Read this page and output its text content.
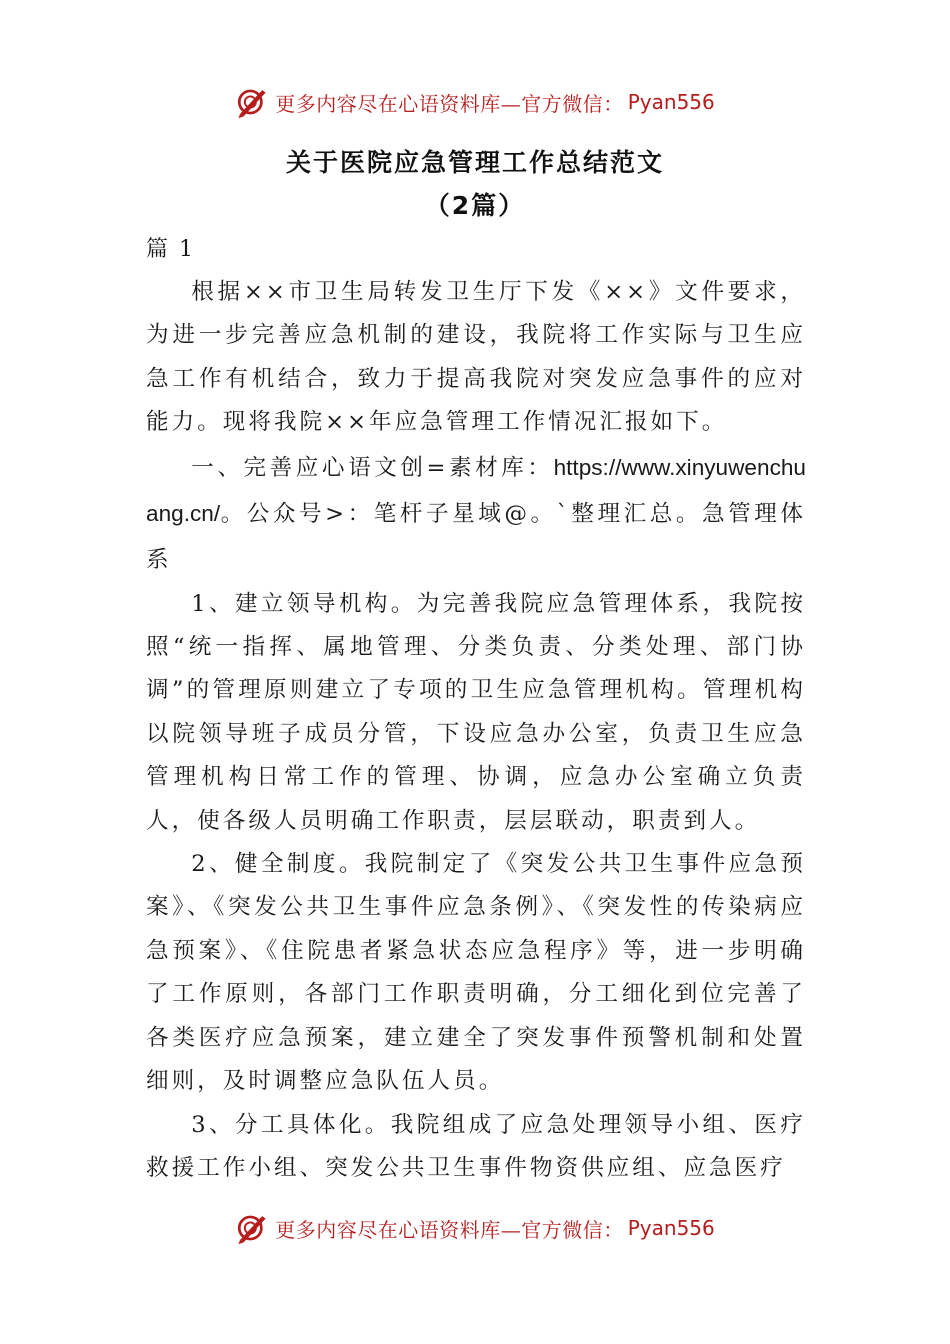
更多内容尽在心语资料库—官方微信： Pyan556
关于医院应急管理工作总结范文
（2篇）
篇 1

根据××市卫生局转发卫生厅下发《××》文件要求，为进一步完善应急机制的建设，我院将工作实际与卫生应急工作有机结合，致力于提高我院对突发应急事件的应对能力。现将我院××年应急管理工作情况汇报如下。

一、完善应心语文创=素材库：https://www.xinyuwenchuang.cn/。公众号>：笔杆子星域@。`整理汇总。急管理体系

1、建立领导机构。为完善我院应急管理体系，我院按照“统一指挥、属地管理、分类负责、分类处理、部门协调”的管理原则建立了专项的卫生应急管理机构。管理机构以院领导班子成员分管，下设应急办公室，负责卫生应急管理机构日常工作的管理、协调，应急办公室确立负责人，使各级人员明确工作职责，层层联动，职责到人。

2、健全制度。我院制定了《突发公共卫生事件应急预案》、《突发公共卫生事件应急条例》、《突发性的传染病应急预案》、《住院患者紧急状态应急程序》等，进一步明确了工作原则，各部门工作职责明确，分工细化到位完善了各类医疗应急预案，建立建全了突发事件预警机制和处置细则，及时调整应急队伍人员。

3、分工具体化。我院组成了应急处理领导小组、医疗救援工作小组、突发公共卫生事件物资供应组、应急医疗

更多内容尽在心语资料库—官方微信： Pyan556
